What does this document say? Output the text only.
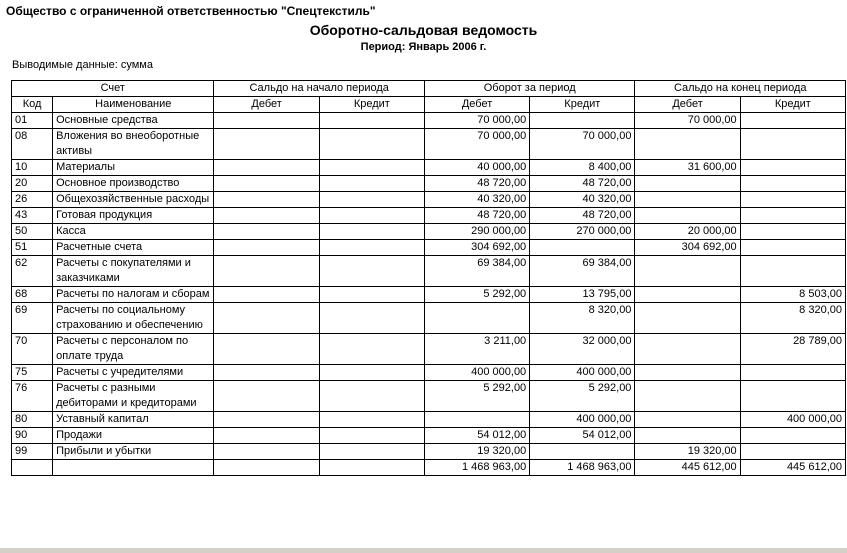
Общество с ограниченной ответственностью "Спецтекстиль"
Оборотно-сальдовая ведомость
Период: Январь 2006 г.
Выводимые данные: сумма
Счет		Сальдо на начало периода		Оборот за период		Сальдо на конец периода	
Код	Наименование	Дебет	Кредит	Дебет	Кредит	Дебет	Кредит
01	Основные средства			70 000,00		70 000,00	
08	Вложения во внеоборотные активы			70 000,00	70 000,00		
10	Материалы			40 000,00	8 400,00	31 600,00	
20	Основное производство			48 720,00	48 720,00		
26	Общехозяйственные расходы			40 320,00	40 320,00		
43	Готовая продукция			48 720,00	48 720,00		
50	Касса			290 000,00	270 000,00	20 000,00	
51	Расчетные счета			304 692,00		304 692,00	
62	Расчеты с покупателями и заказчиками			69 384,00	69 384,00		
68	Расчеты по налогам и сборам			5 292,00	13 795,00		8 503,00
69	Расчеты по социальному страхованию и обеспечению				8 320,00		8 320,00
70	Расчеты с персоналом по оплате труда			3 211,00	32 000,00		28 789,00
75	Расчеты с учредителями			400 000,00	400 000,00		
76	Расчеты с разными дебиторами и кредиторами			5 292,00	5 292,00		
80	Уставный капитал				400 000,00		400 000,00
90	Продажи			54 012,00	54 012,00		
99	Прибыли и убытки			19 320,00		19 320,00	
				1 468 963,00	1 468 963,00	445 612,00	445 612,00
